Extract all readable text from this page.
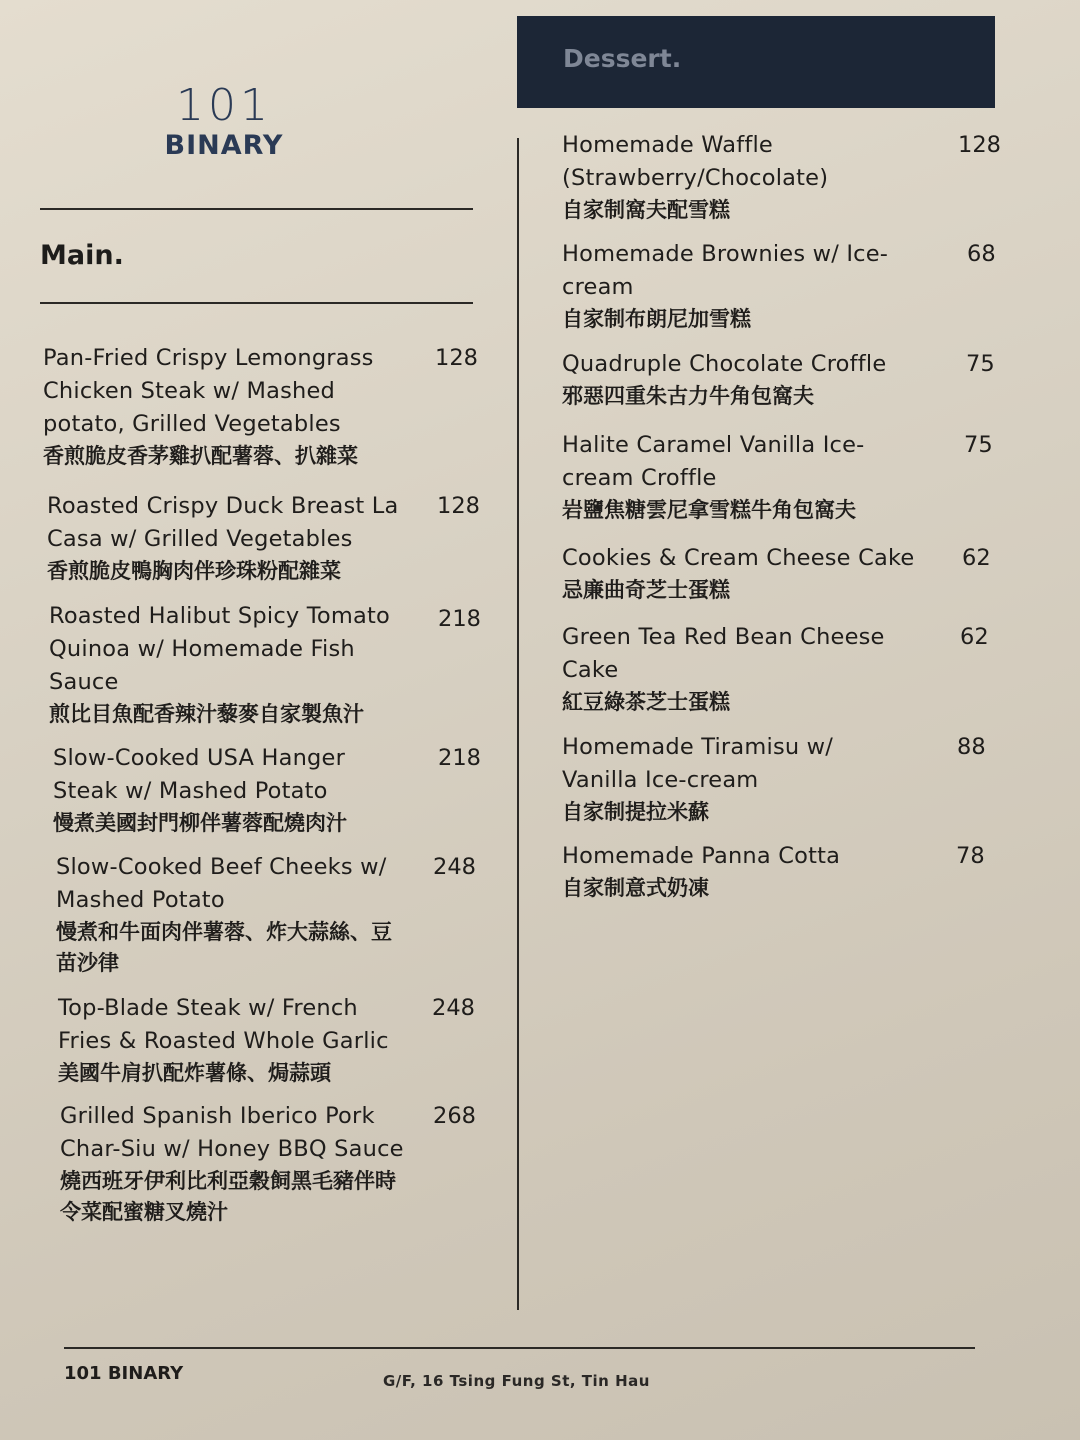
101
BINARY
Main.
Dessert.
Pan-Fried Crispy Lemongrass Chicken Steak w/ Mashed potato, Grilled Vegetables
香煎脆皮香茅雞扒配薯蓉、扒雜菜
128
Roasted Crispy Duck Breast La Casa w/ Grilled Vegetables
香煎脆皮鴨胸肉伴珍珠粉配雜菜
128
Roasted Halibut Spicy Tomato Quinoa w/ Homemade Fish Sauce
煎比目魚配香辣汁藜麥自家製魚汁
218
Slow-Cooked USA Hanger Steak w/ Mashed Potato
慢煮美國封門柳伴薯蓉配燒肉汁
218
Slow-Cooked Beef Cheeks w/ Mashed Potato
慢煮和牛面肉伴薯蓉、炸大蒜絲、豆苗沙律
248
Top-Blade Steak w/ French Fries & Roasted Whole Garlic
美國牛肩扒配炸薯條、焗蒜頭
248
Grilled Spanish Iberico Pork Char-Siu w/ Honey BBQ Sauce
燒西班牙伊利比利亞穀飼黑毛豬伴時令菜配蜜糖叉燒汁
268
Homemade Waffle (Strawberry/Chocolate)
自家制窩夫配雪糕
128
Homemade Brownies w/ Ice-cream
自家制布朗尼加雪糕
68
Quadruple Chocolate Croffle
邪惡四重朱古力牛角包窩夫
75
Halite Caramel Vanilla Ice-cream Croffle
岩鹽焦糖雲尼拿雪糕牛角包窩夫
75
Cookies & Cream Cheese Cake
忌廉曲奇芝士蛋糕
62
Green Tea Red Bean Cheese Cake
紅豆綠茶芝士蛋糕
62
Homemade Tiramisu w/ Vanilla Ice-cream
自家制提拉米蘇
88
Homemade Panna Cotta
自家制意式奶凍
78
101 BINARY	G/F, 16 Tsing Fung St, Tin Hau
